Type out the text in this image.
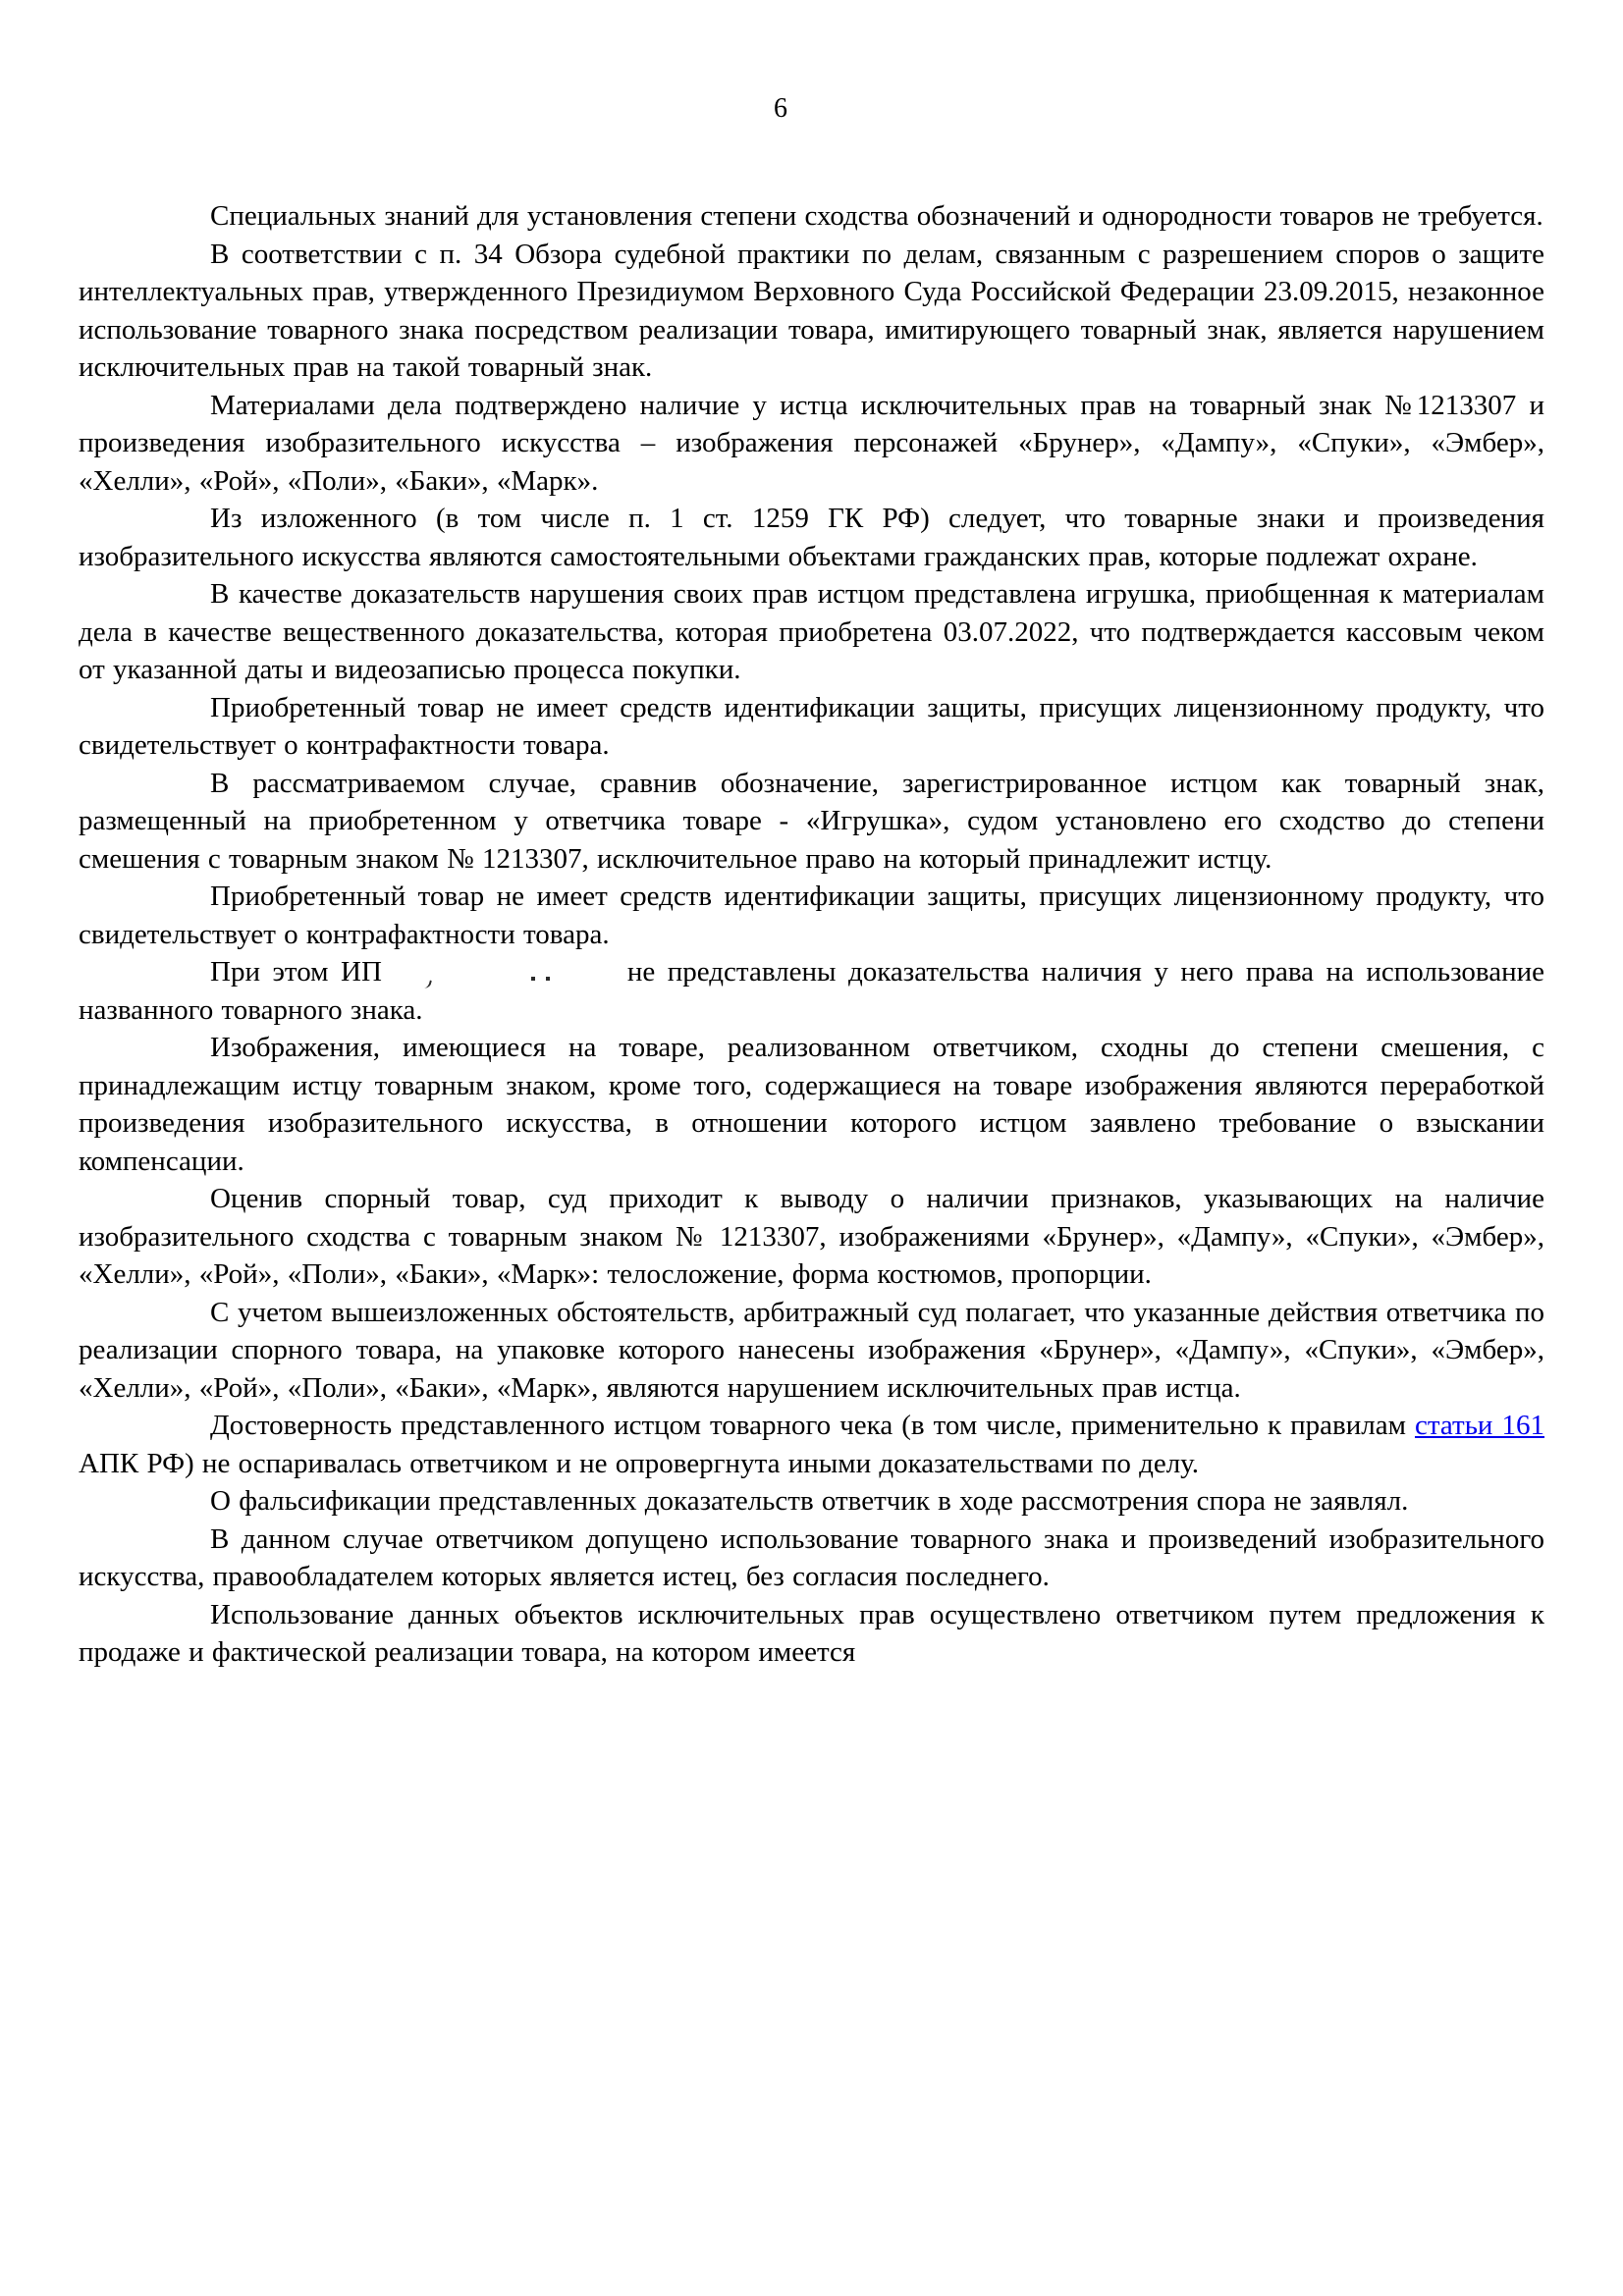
6

Специальных знаний для установления степени сходства обозначений и однородности товаров не требуется.

В соответствии с п. 34 Обзора судебной практики по делам, связанным с разрешением споров о защите интеллектуальных прав, утвержденного Президиумом Верховного Суда Российской Федерации 23.09.2015, незаконное использование товарного знака посредством реализации товара, имитирующего товарный знак, является нарушением исключительных прав на такой товарный знак.

Материалами дела подтверждено наличие у истца исключительных прав на товарный знак №1213307 и произведения изобразительного искусства – изображения персонажей «Брунер», «Дампу», «Спуки», «Эмбер», «Хелли», «Рой», «Поли», «Баки», «Марк».

Из изложенного (в том числе п. 1 ст. 1259 ГК РФ) следует, что товарные знаки и произведения изобразительного искусства являются самостоятельными объектами гражданских прав, которые подлежат охране.

В качестве доказательств нарушения своих прав истцом представлена игрушка, приобщенная к материалам дела в качестве вещественного доказательства, которая приобретена 03.07.2022, что подтверждается кассовым чеком от указанной даты и видеозаписью процесса покупки.

Приобретенный товар не имеет средств идентификации защиты, присущих лицензионному продукту, что свидетельствует о контрафактности товара.

В рассматриваемом случае, сравнив обозначение, зарегистрированное истцом как товарный знак, размещенный на приобретенном у ответчика товаре - «Игрушка», судом установлено его сходство до степени смешения с товарным знаком № 1213307, исключительное право на который принадлежит истцу.

Приобретенный товар не имеет средств идентификации защиты, присущих лицензионному продукту, что свидетельствует о контрафактности товара.

При этом ИП	не представлены доказательства наличия у него права на использование названного товарного знака.

Изображения, имеющиеся на товаре, реализованном ответчиком, сходны до степени смешения, с принадлежащим истцу товарным знаком, кроме того, содержащиеся на товаре изображения являются переработкой произведения изобразительного искусства, в отношении которого истцом заявлено требование о взыскании компенсации.

Оценив спорный товар, суд приходит к выводу о наличии признаков, указывающих на наличие изобразительного сходства с товарным знаком № 1213307, изображениями «Брунер», «Дампу», «Спуки», «Эмбер», «Хелли», «Рой», «Поли», «Баки», «Марк»: телосложение, форма костюмов, пропорции.

С учетом вышеизложенных обстоятельств, арбитражный суд полагает, что указанные действия ответчика по реализации спорного товара, на упаковке которого нанесены изображения «Брунер», «Дампу», «Спуки», «Эмбер», «Хелли», «Рой», «Поли», «Баки», «Марк», являются нарушением исключительных прав истца.

Достоверность представленного истцом товарного чека (в том числе, применительно к правилам статьи 161 АПК РФ) не оспаривалась ответчиком и не опровергнута иными доказательствами по делу.

О фальсификации представленных доказательств ответчик в ходе рассмотрения спора не заявлял.

В данном случае ответчиком допущено использование товарного знака и произведений изобразительного искусства, правообладателем которых является истец, без согласия последнего.

Использование данных объектов исключительных прав осуществлено ответчиком путем предложения к продаже и фактической реализации товара, на котором имеется
